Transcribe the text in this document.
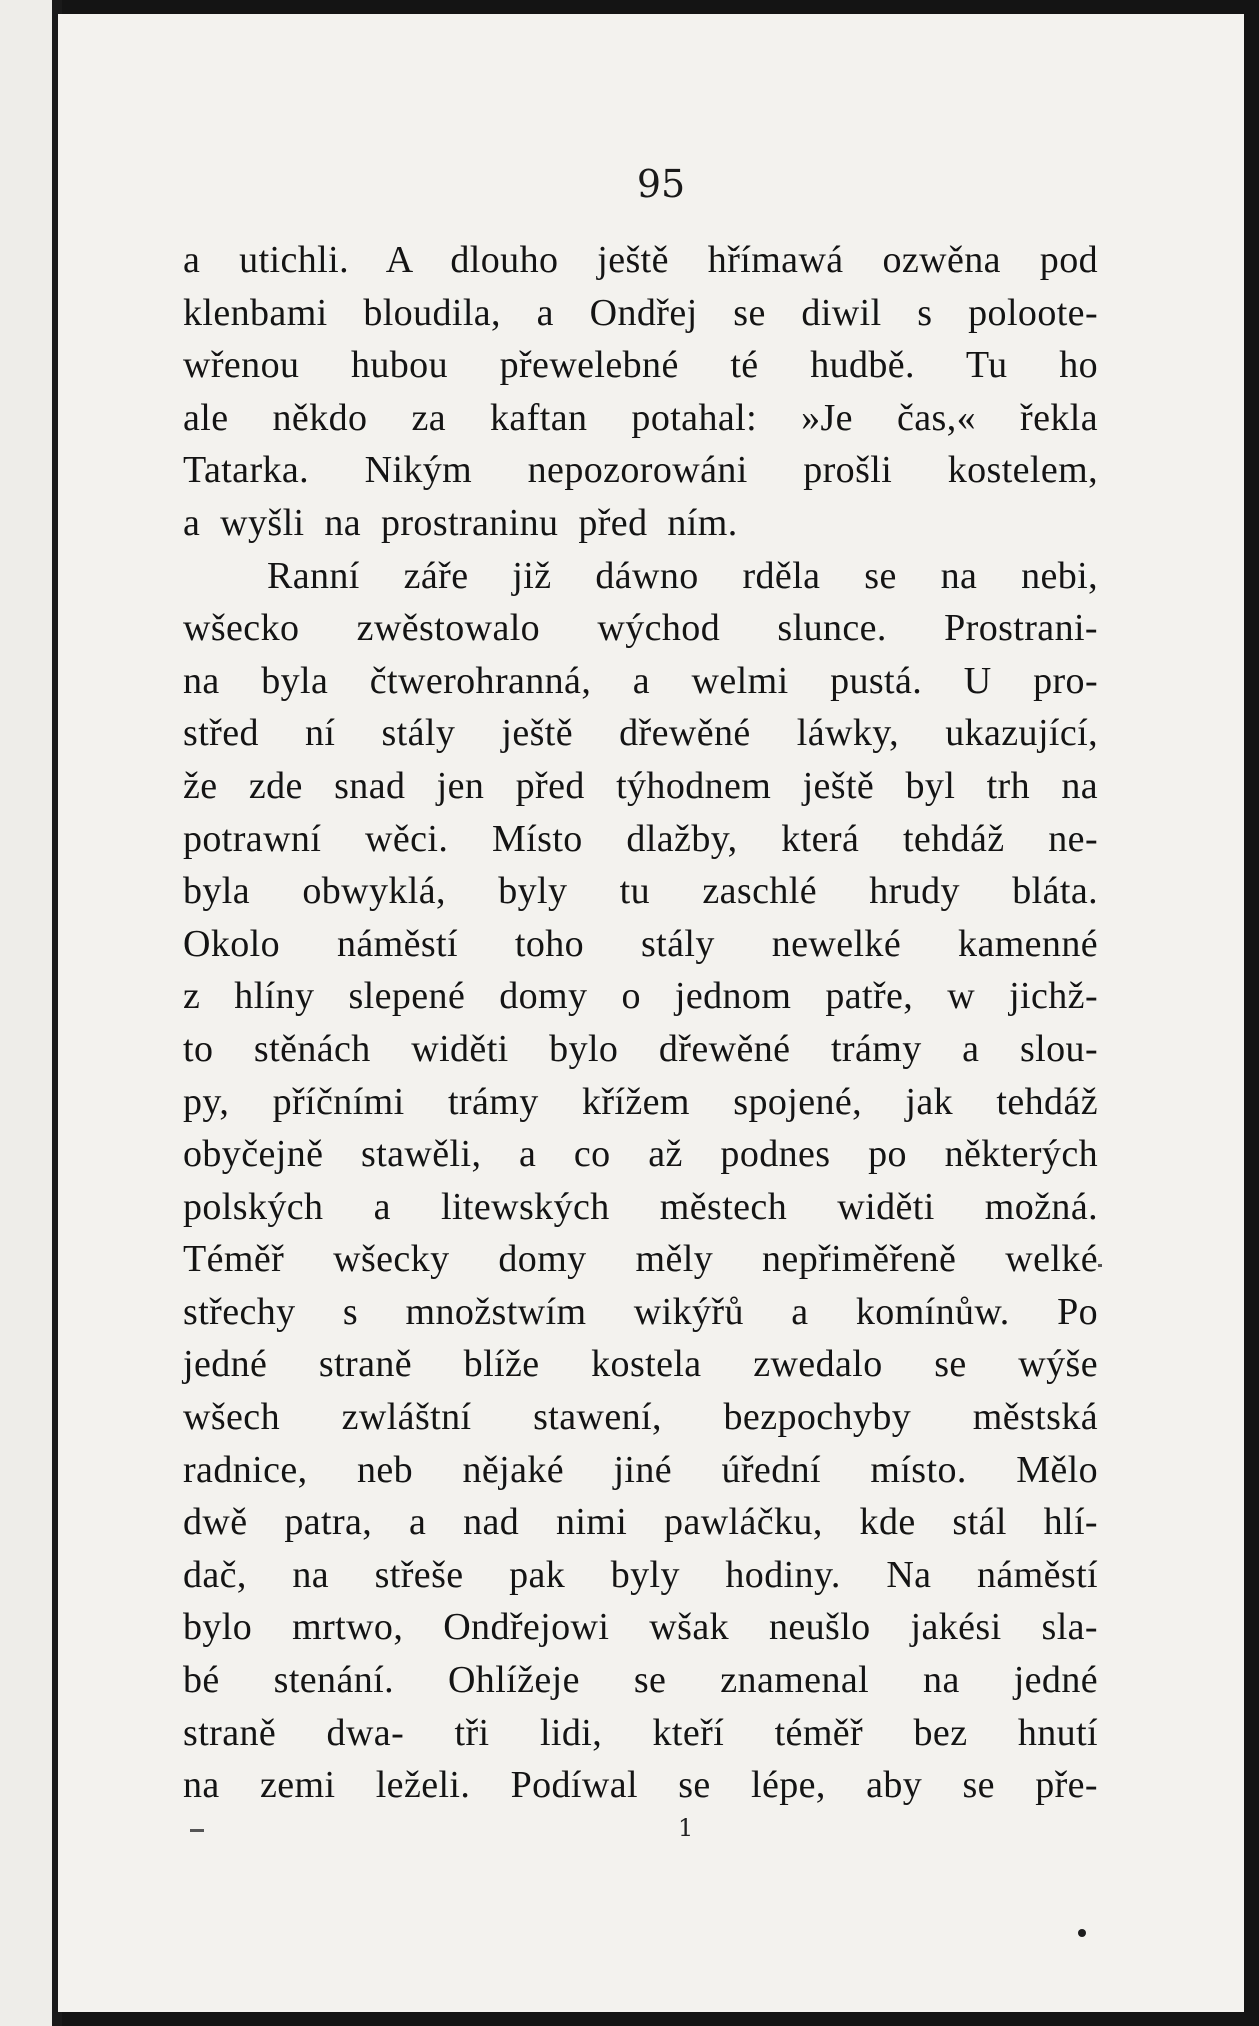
95
a utichli. A dlouho ještě hřímawá ozwěna pod
klenbami bloudila, a Ondřej se diwil s polootе-
wřenou hubou přewelebné té hudbě. Tu ho
ale někdo za kaftan potahal: »Je čas,« řekla
Tatarka. Nikým nepozorowáni prošli kostelem,
a wyšli na prostraninu před ním.
Ranní záře již dáwno rděla se na nebi,
wšecko zwěstowalo wýchod slunce. Prostrani-
na byla čtwerohranná, a welmi pustá. U pro-
střed ní stály ještě dřewěné láwky, ukazující,
že zde snad jen před týhodnem ještě byl trh na
potrawní wěci. Místo dlažby, která tehdáž ne-
byla obwyklá, byly tu zaschlé hrudy bláta.
Okolo náměstí toho stály newelké kamenné
z hlíny slepené domy o jednom patře, w jichž-
to stěnách widěti bylo dřewěné trámy a slou-
py, příčními trámy křížem spojené, jak tehdáž
obyčejně stawěli, a co až podnes po některých
polských a litewských městech widěti možná.
Téměř wšecky domy měly nepřiměřeně welké
střechy s množstwím wikýřů a komínůw. Po
jedné straně blíže kostela zwedalo se wýše
wšech zwláštní stawení, bezpochyby městská
radnice, neb nějaké jiné úřední místo. Mělo
dwě patra, a nad nimi pawláčku, kde stál hlí-
dač, na střeše pak byly hodiny. Na náměstí
bylo mrtwo, Ondřejowi wšak neušlo jakési sla-
bé stenání. Ohlížeje se znamenal na jedné
straně dwa- tři lidi, kteří téměř bez hnutí
na zemi leželi. Podíwal se lépe, aby se pře-
1
